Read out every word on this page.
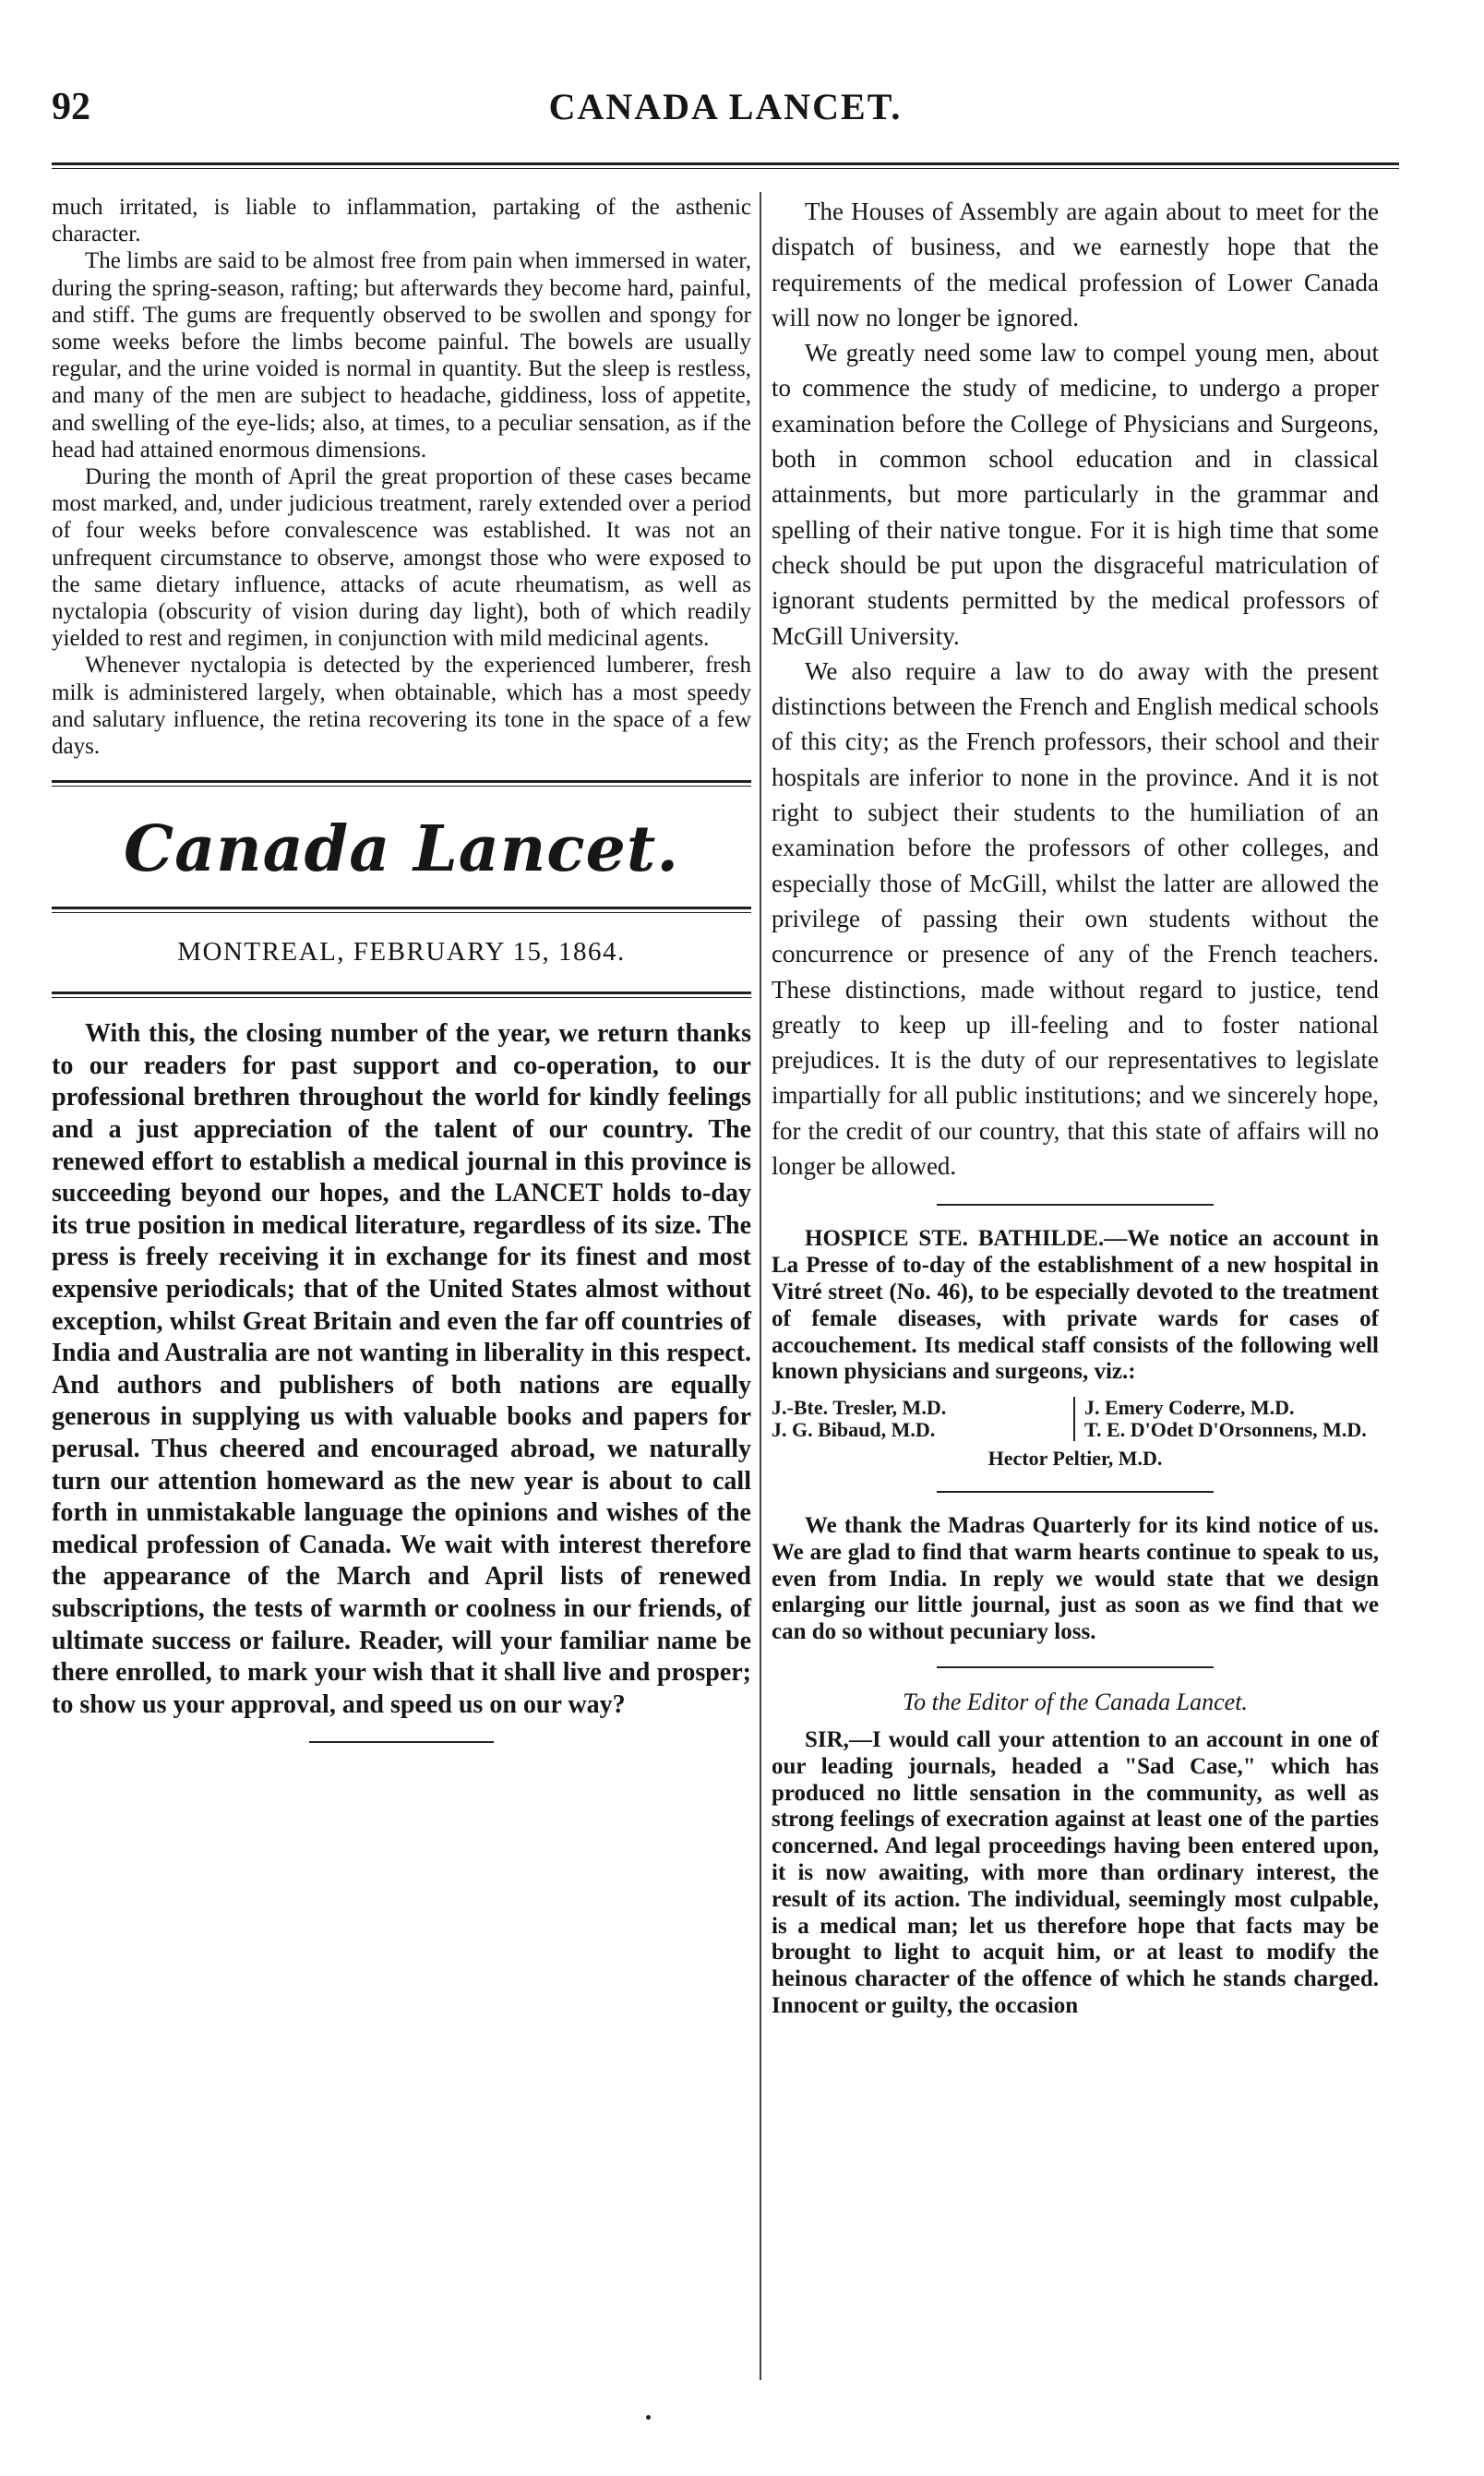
92	CANADA LANCET.

much irritated, is liable to inflammation, partaking of the asthenic character.

The limbs are said to be almost free from pain when immersed in water, during the spring-season, rafting; but afterwards they become hard, painful, and stiff. The gums are frequently observed to be swollen and spongy for some weeks before the limbs become painful. The bowels are usually regular, and the urine voided is normal in quantity. But the sleep is restless, and many of the men are subject to headache, giddiness, loss of appetite, and swelling of the eye-lids; also, at times, to a peculiar sensation, as if the head had attained enormous dimensions.

During the month of April the great proportion of these cases became most marked, and, under judicious treatment, rarely extended over a period of four weeks before convalescence was established. It was not an unfrequent circumstance to observe, amongst those who were exposed to the same dietary influence, attacks of acute rheumatism, as well as nyctalopia (obscurity of vision during day light), both of which readily yielded to rest and regimen, in conjunction with mild medicinal agents.

Whenever nyctalopia is detected by the experienced lumberer, fresh milk is administered largely, when obtainable, which has a most speedy and salutary influence, the retina recovering its tone in the space of a few days.

Canada Lancet.
MONTREAL, FEBRUARY 15, 1864.

With this, the closing number of the year, we return thanks to our readers for past support and co-operation, to our professional brethren throughout the world for kindly feelings and a just appreciation of the talent of our country. The renewed effort to establish a medical journal in this province is succeeding beyond our hopes, and the LANCET holds to-day its true position in medical literature, regardless of its size. The press is freely receiving it in exchange for its finest and most expensive periodicals; that of the United States almost without exception, whilst Great Britain and even the far off countries of India and Australia are not wanting in liberality in this respect. And authors and publishers of both nations are equally generous in supplying us with valuable books and papers for perusal. Thus cheered and encouraged abroad, we naturally turn our attention homeward as the new year is about to call forth in unmistakable language the opinions and wishes of the medical profession of Canada. We wait with interest therefore the appearance of the March and April lists of renewed subscriptions, the tests of warmth or coolness in our friends, of ultimate success or failure. Reader, will your familiar name be there enrolled, to mark your wish that it shall live and prosper; to show us your approval, and speed us on our way?

The Houses of Assembly are again about to meet for the dispatch of business, and we earnestly hope that the requirements of the medical profession of Lower Canada will now no longer be ignored.

We greatly need some law to compel young men, about to commence the study of medicine, to undergo a proper examination before the College of Physicians and Surgeons, both in common school education and in classical attainments, but more particularly in the grammar and spelling of their native tongue. For it is high time that some check should be put upon the disgraceful matriculation of ignorant students permitted by the medical professors of McGill University.

We also require a law to do away with the present distinctions between the French and English medical schools of this city; as the French professors, their school and their hospitals are inferior to none in the province. And it is not right to subject their students to the humiliation of an examination before the professors of other colleges, and especially those of McGill, whilst the latter are allowed the privilege of passing their own students without the concurrence or presence of any of the French teachers. These distinctions, made without regard to justice, tend greatly to keep up ill-feeling and to foster national prejudices. It is the duty of our representatives to legislate impartially for all public institutions; and we sincerely hope, for the credit of our country, that this state of affairs will no longer be allowed.

HOSPICE STE. BATHILDE.—We notice an account in La Presse of to-day of the establishment of a new hospital in Vitré street (No. 46), to be especially devoted to the treatment of female diseases, with private wards for cases of accouchement. Its medical staff consists of the following well known physicians and surgeons, viz.:

J.-Bte. Tresler, M.D.
J. G. Bibaud, M.D.
J. Emery Coderre, M.D.
T. E. D'Odet D'Orsonnens, M.D.
Hector Peltier, M.D.

We thank the Madras Quarterly for its kind notice of us. We are glad to find that warm hearts continue to speak to us, even from India. In reply we would state that we design enlarging our little journal, just as soon as we find that we can do so without pecuniary loss.

To the Editor of the Canada Lancet.

SIR,—I would call your attention to an account in one of our leading journals, headed a "Sad Case," which has produced no little sensation in the community, as well as strong feelings of execration against at least one of the parties concerned. And legal proceedings having been entered upon, it is now awaiting, with more than ordinary interest, the result of its action. The individual, seemingly most culpable, is a medical man; let us therefore hope that facts may be brought to light to acquit him, or at least to modify the heinous character of the offence of which he stands charged. Innocent or guilty, the occasion
